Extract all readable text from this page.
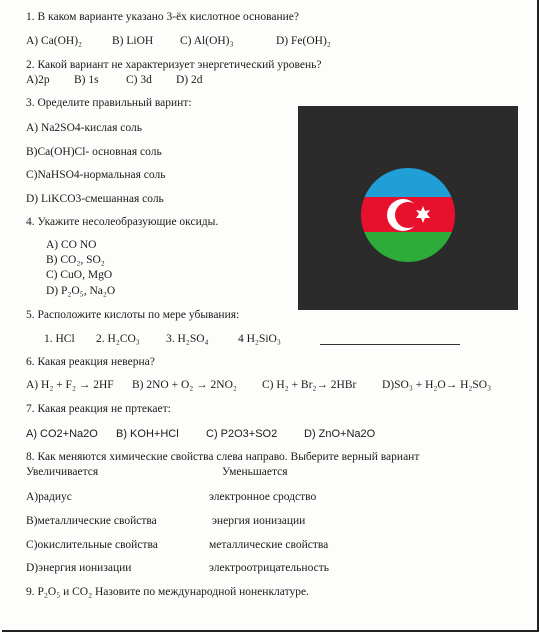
1. В каком варианте указано 3-ёх кислотное основание?
A) Ca(OH)₂	B) LiOH C) Al(OH)₃	D) Fe(OH)₂
2. Какой вариант не характеризует энергетический уровень?
A)2p B) 1s C) 3d D) 2d
3. Оределите правильный варинт:
A) Na2SO4-кислая соль
B)Ca(OH)Cl- основная соль
C)NaHSO4-нормальная соль
D) LiKCO3-смешанная соль
4. Укажите несолеобразующие оксиды.
A) CO NO
B) CO₂, SO₂
C) CuO, MgO
D) P₂O₅, Na₂O
5. Расположите кислоты по мере убывания:
1. HCl 2. H₂CO₃ 3. H₂SO₄	4 H₂SiO₃
6. Какая реакция неверна?
A) H₂ + F₂ → 2HF B) 2NO + O₂ → 2NO₂ C) H₂ + Br₂→ 2HBr D)SO₃ + H₂O→ H₂SO₃
7. Какая реакция не пртекает:
A) CO2+Na2O B) KOH+HCl C) P2O3+SO2 D) ZnO+Na2O
8. Как меняются химические свойства слева направо. Выберите верный вариант
Увеличивается	Уменьшается
A)радиус	электронное сродство
B)металлические свойства	энергия ионизации
C)окислительные свойства	металлические свойства
D)энергия ионизации	электроотрицательность
9. P₂O₅ и CO₂ Назовите по международной ноненклатуре.
